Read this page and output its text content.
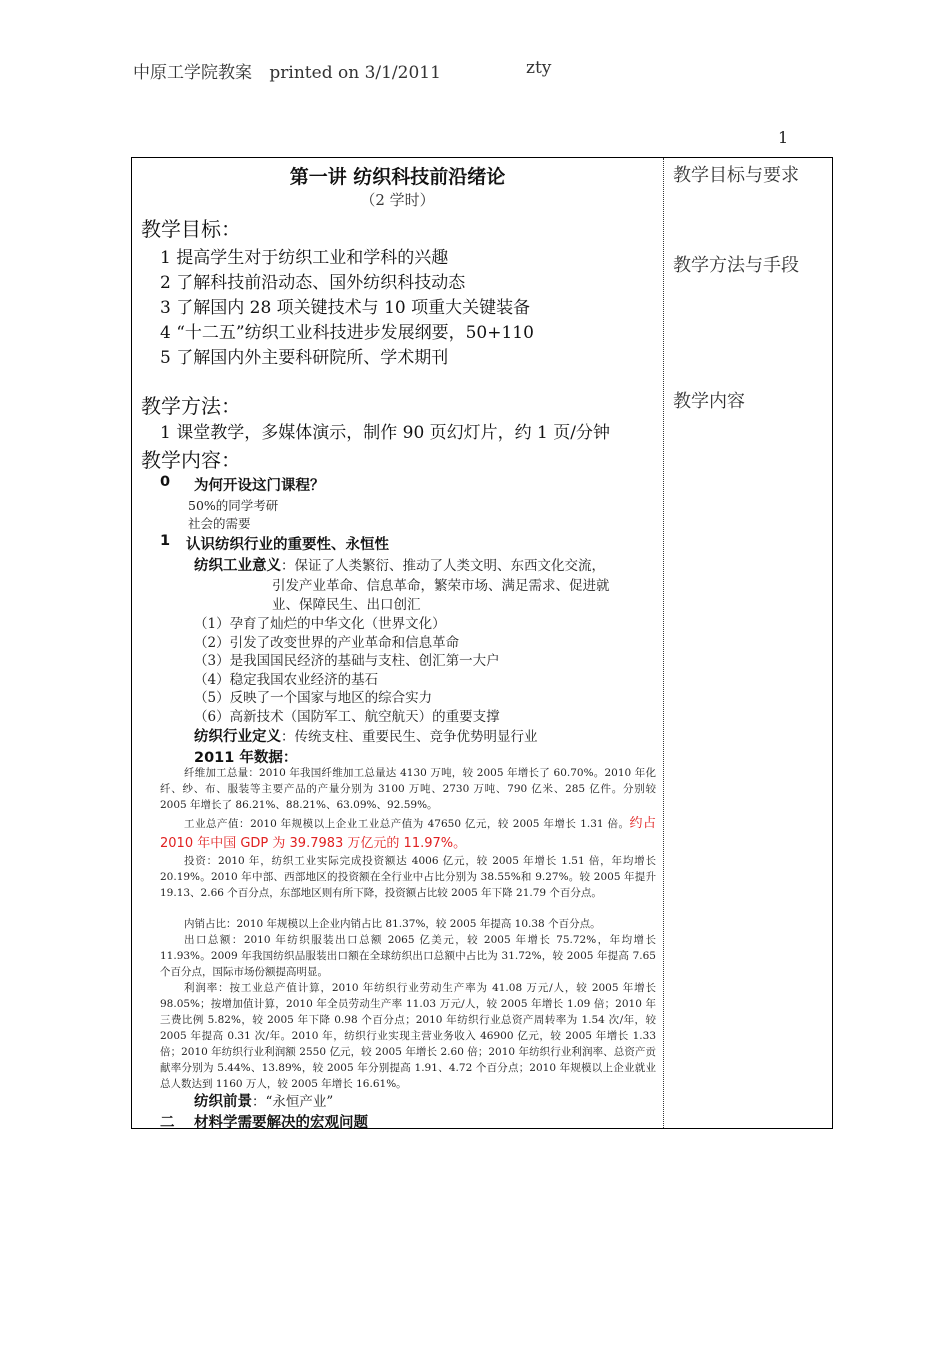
中原工学院教案 printed on 3/1/2011	zty
1
第一讲 纺织科技前沿绪论
（2 学时）
教学目标：
1 提高学生对于纺织工业和学科的兴趣
2 了解科技前沿动态、国外纺织科技动态
3 了解国内 28 项关键技术与 10 项重大关键装备
4 “十二五”纺织工业科技进步发展纲要，50+110
5 了解国内外主要科研院所、学术期刊
教学方法：
1 课堂教学，多媒体演示，制作 90 页幻灯片，约 1 页/分钟
教学内容：
0 为何开设这门课程？
50%的同学考研
社会的需要
1 认识纺织行业的重要性、永恒性
纺织工业意义：保证了人类繁衍、推动了人类文明、东西文化交流，
引发产业革命、信息革命，繁荣市场、满足需求、促进就
业、保障民生、出口创汇
（1）孕育了灿烂的中华文化（世界文化）
（2）引发了改变世界的产业革命和信息革命
（3）是我国国民经济的基础与支柱、创汇第一大户
（4）稳定我国农业经济的基石
（5）反映了一个国家与地区的综合实力
（6）高新技术（国防军工、航空航天）的重要支撑
纺织行业定义：传统支柱、重要民生、竞争优势明显行业
2011 年数据：

纤维加工总量：2010 年我国纤维加工总量达 4130 万吨，较 2005 年增长了 60.70%。2010 年化纤、纱、布、服装等主要产品的产量分别为 3100 万吨、2730 万吨、790 亿米、285 亿件。分别较 2005 年增长了 86.21%、88.21%、63.09%、92.59%。

工业总产值：2010 年规模以上企业工业总产值为 47650 亿元，较 2005 年增长 1.31 倍。约占 2010 年中国 GDP 为 39.7983 万亿元的 11.97%。

投资：2010 年，纺织工业实际完成投资额达 4006 亿元，较 2005 年增长 1.51 倍，年均增长 20.19%。2010 年中部、西部地区的投资额在全行业中占比分别为 38.55%和 9.27%。较 2005 年提升 19.13、2.66 个百分点，东部地区则有所下降，投资额占比较 2005 年下降 21.79 个百分点。

内销占比：2010 年规模以上企业内销占比 81.37%，较 2005 年提高 10.38 个百分点。

出口总额：2010 年纺织服装出口总额 2065 亿美元，较 2005 年增长 75.72%，年均增长 11.93%。2009 年我国纺织品服装出口额在全球纺织出口总额中占比为 31.72%，较 2005 年提高 7.65 个百分点，国际市场份额提高明显。

利润率：按工业总产值计算，2010 年纺织行业劳动生产率为 41.08 万元/人，较 2005 年增长 98.05%；按增加值计算，2010 年全员劳动生产率 11.03 万元/人，较 2005 年增长 1.09 倍；2010 年三费比例 5.82%，较 2005 年下降 0.98 个百分点；2010 年纺织行业总资产周转率为 1.54 次/年，较 2005 年提高 0.31 次/年。2010 年，纺织行业实现主营业务收入 46900 亿元，较 2005 年增长 1.33 倍；2010 年纺织行业利润额 2550 亿元，较 2005 年增长 2.60 倍；2010 年纺织行业利润率、总资产贡献率分别为 5.44%、13.89%，较 2005 年分别提高 1.91、4.72 个百分点；2010 年规模以上企业就业总人数达到 1160 万人，较 2005 年增长 16.61%。

纺织前景：“永恒产业”
二 材料学需要解决的宏观问题
教学目标与要求
教学方法与手段
教学内容
